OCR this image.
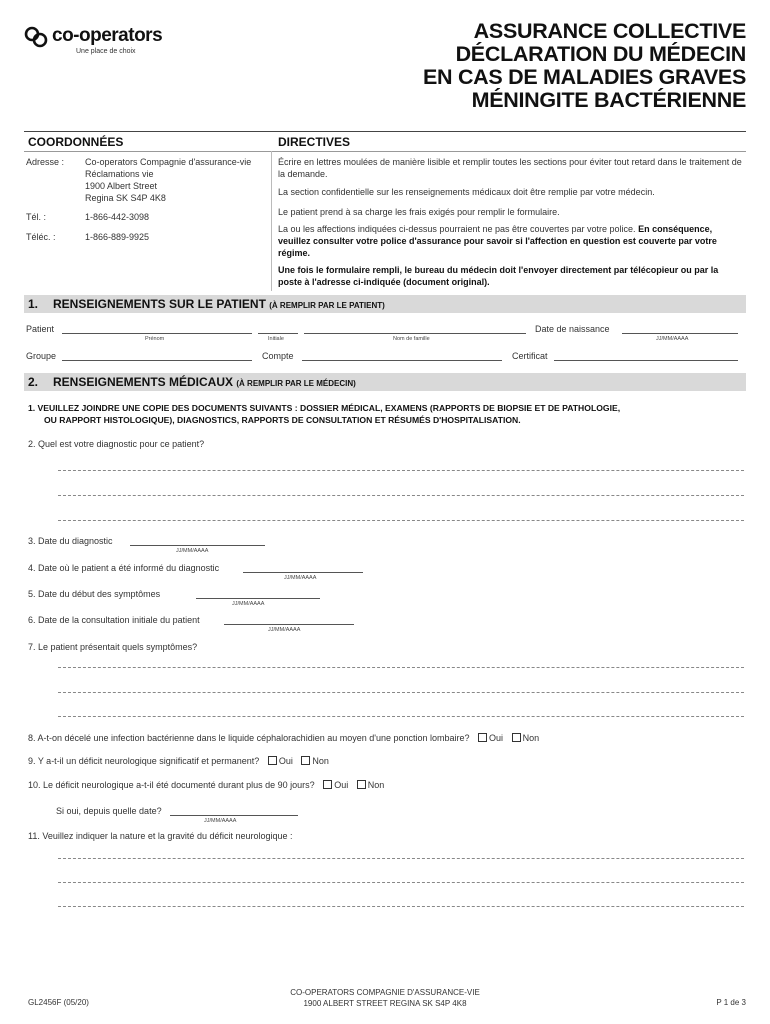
co-operators
Une place de choix
ASSURANCE COLLECTIVE
DÉCLARATION DU MÉDECIN
EN CAS DE MALADIES GRAVES
MÉNINGITE BACTÉRIENNE
COORDONNÉES	DIRECTIVES
Adresse : Co-operators Compagnie d'assurance-vie
Réclamations vie
1900 Albert Street
Regina SK S4P 4K8
Tél. :	1-866-442-3098
Téléc. :	1-866-889-9925
Écrire en lettres moulées de manière lisible et remplir toutes les sections pour éviter tout retard dans le traitement de la demande.
La section confidentielle sur les renseignements médicaux doit être remplie par votre médecin.
Le patient prend à sa charge les frais exigés pour remplir le formulaire.
La ou les affections indiquées ci-dessus pourraient ne pas être couvertes par votre police. En conséquence, veuillez consulter votre police d'assurance pour savoir si l'affection en question est couverte par votre régime.
Une fois le formulaire rempli, le bureau du médecin doit l'envoyer directement par télécopieur ou par la poste à l'adresse ci-indiquée (document original).
1. RENSEIGNEMENTS SUR LE PATIENT (À REMPLIR PAR LE PATIENT)
Patient
Prénom	Initiale	Nom de famille
Date de naissance
JJ/MM/AAAA
Groupe	Compte	Certificat
2. RENSEIGNEMENTS MÉDICAUX (À REMPLIR PAR LE MÉDECIN)
1. VEUILLEZ JOINDRE UNE COPIE DES DOCUMENTS SUIVANTS : DOSSIER MÉDICAL, EXAMENS (RAPPORTS DE BIOPSIE ET DE PATHOLOGIE,
OU RAPPORT HISTOLOGIQUE), DIAGNOSTICS, RAPPORTS DE CONSULTATION ET RÉSUMÉS D'HOSPITALISATION.
2. Quel est votre diagnostic pour ce patient?
3. Date du diagnostic
JJ/MM/AAAA
4. Date où le patient a été informé du diagnostic
JJ/MM/AAAA
5. Date du début des symptômes
JJ/MM/AAAA
6. Date de la consultation initiale du patient
JJ/MM/AAAA
7. Le patient présentait quels symptômes?
8. A-t-on décelé une infection bactérienne dans le liquide céphalorachidien au moyen d'une ponction lombaire? Oui Non
9. Y a-t-il un déficit neurologique significatif et permanent? Oui Non
10. Le déficit neurologique a-t-il été documenté durant plus de 90 jours? Oui Non
Si oui, depuis quelle date?
JJ/MM/AAAA
11. Veuillez indiquer la nature et la gravité du déficit neurologique :
GL2456F (05/20)
CO-OPERATORS COMPAGNIE D'ASSURANCE-VIE
1900 ALBERT STREET REGINA SK S4P 4K8	P 1 de 3
